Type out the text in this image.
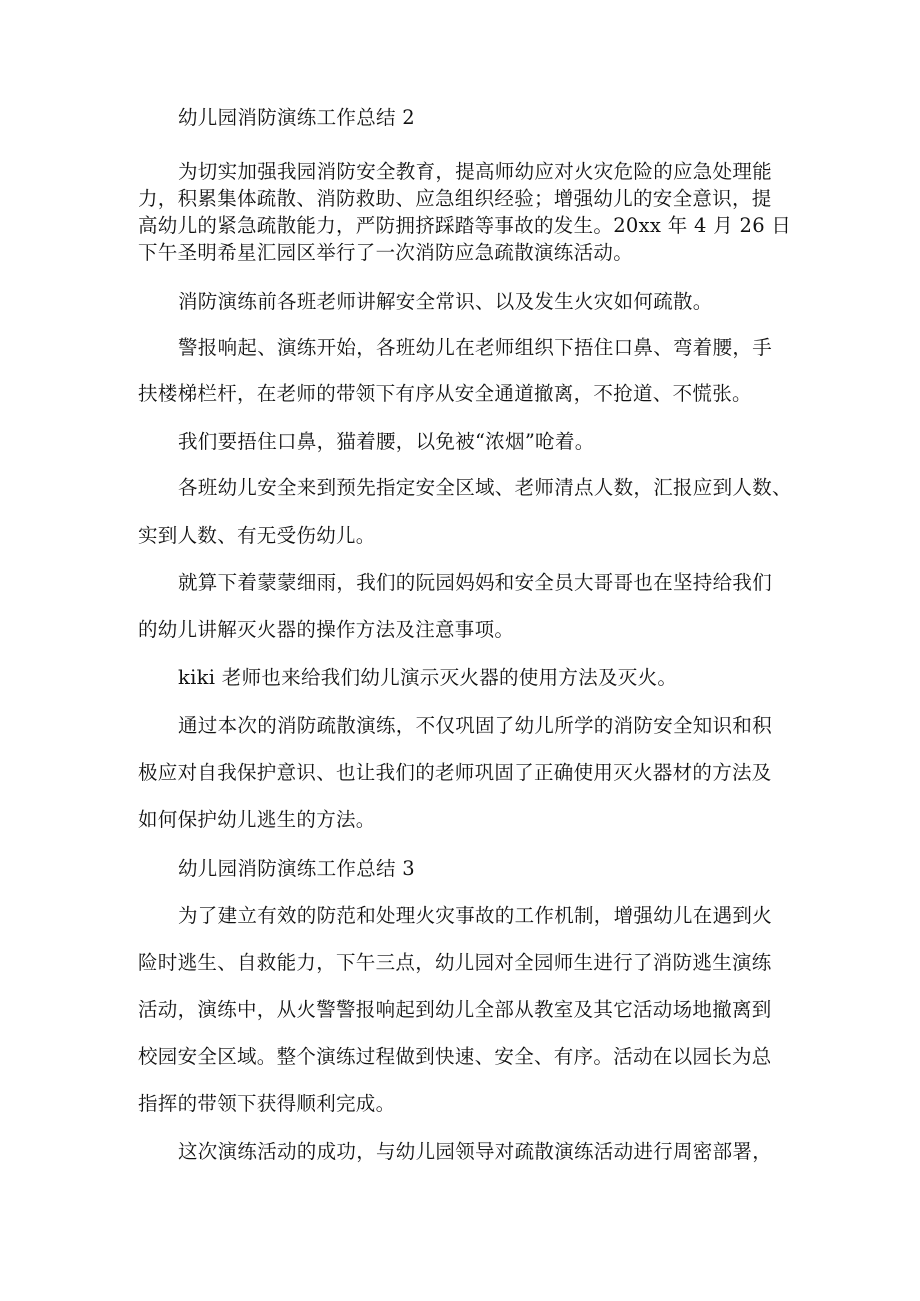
幼儿园消防演练工作总结 2
为切实加强我园消防安全教育，提高师幼应对火灾危险的应急处理能
力，积累集体疏散、消防救助、应急组织经验；增强幼儿的安全意识，提
高幼儿的紧急疏散能力，严防拥挤踩踏等事故的发生。20xx 年 4 月 26 日
下午圣明希星汇园区举行了一次消防应急疏散演练活动。
消防演练前各班老师讲解安全常识、以及发生火灾如何疏散。
警报响起、演练开始，各班幼儿在老师组织下捂住口鼻、弯着腰，手
扶楼梯栏杆，在老师的带领下有序从安全通道撤离，不抢道、不慌张。
我们要捂住口鼻，猫着腰，以免被“浓烟”呛着。
各班幼儿安全来到预先指定安全区域、老师清点人数，汇报应到人数、
实到人数、有无受伤幼儿。
就算下着蒙蒙细雨，我们的阮园妈妈和安全员大哥哥也在坚持给我们
的幼儿讲解灭火器的操作方法及注意事项。
kiki 老师也来给我们幼儿演示灭火器的使用方法及灭火。
通过本次的消防疏散演练，不仅巩固了幼儿所学的消防安全知识和积
极应对自我保护意识、也让我们的老师巩固了正确使用灭火器材的方法及
如何保护幼儿逃生的方法。
幼儿园消防演练工作总结 3
为了建立有效的防范和处理火灾事故的工作机制，增强幼儿在遇到火
险时逃生、自救能力，下午三点，幼儿园对全园师生进行了消防逃生演练
活动，演练中，从火警警报响起到幼儿全部从教室及其它活动场地撤离到
校园安全区域。整个演练过程做到快速、安全、有序。活动在以园长为总
指挥的带领下获得顺利完成。
这次演练活动的成功，与幼儿园领导对疏散演练活动进行周密部署，
